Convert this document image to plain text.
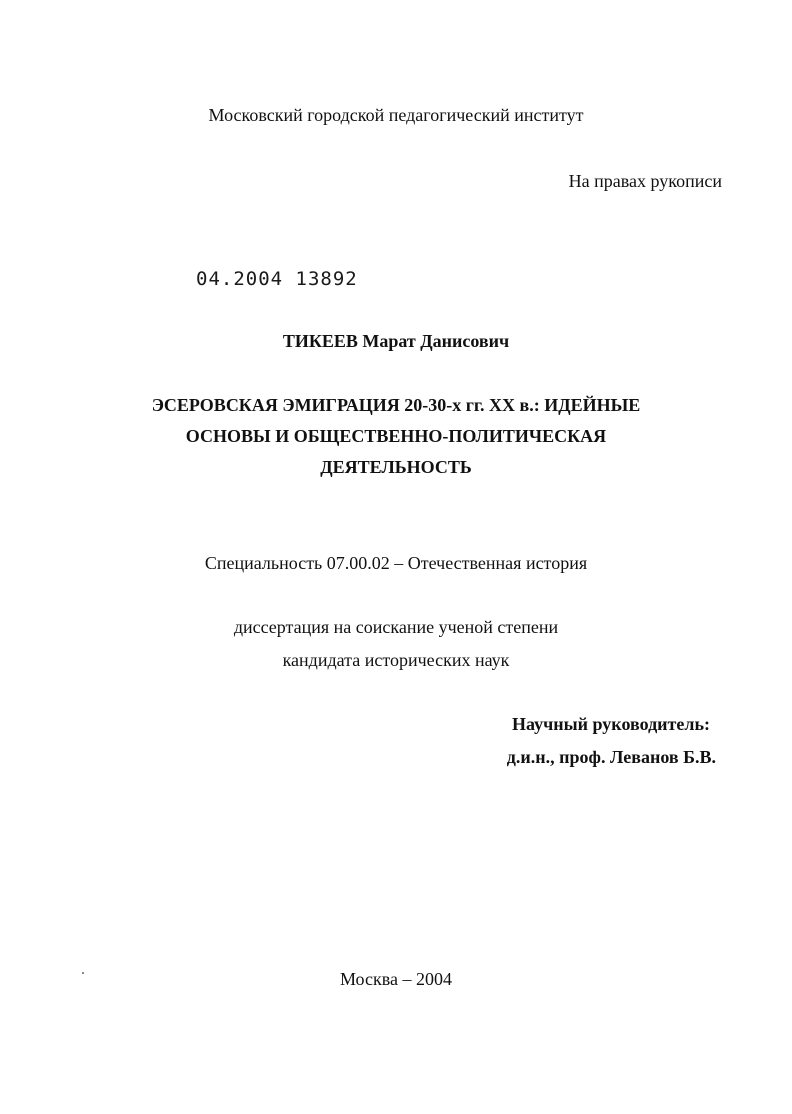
Московский городской педагогический институт
На правах рукописи
04.2004 13892
ТИКЕЕВ Марат Данисович
ЭСЕРОВСКАЯ ЭМИГРАЦИЯ 20-30-х гг. ХХ в.: ИДЕЙНЫЕ
ОСНОВЫ И ОБЩЕСТВЕННО-ПОЛИТИЧЕСКАЯ
ДЕЯТЕЛЬНОСТЬ
Специальность 07.00.02 – Отечественная история
диссертация на соискание ученой степени
кандидата исторических наук
Научный руководитель:
д.и.н., проф. Леванов Б.В.
Москва – 2004
